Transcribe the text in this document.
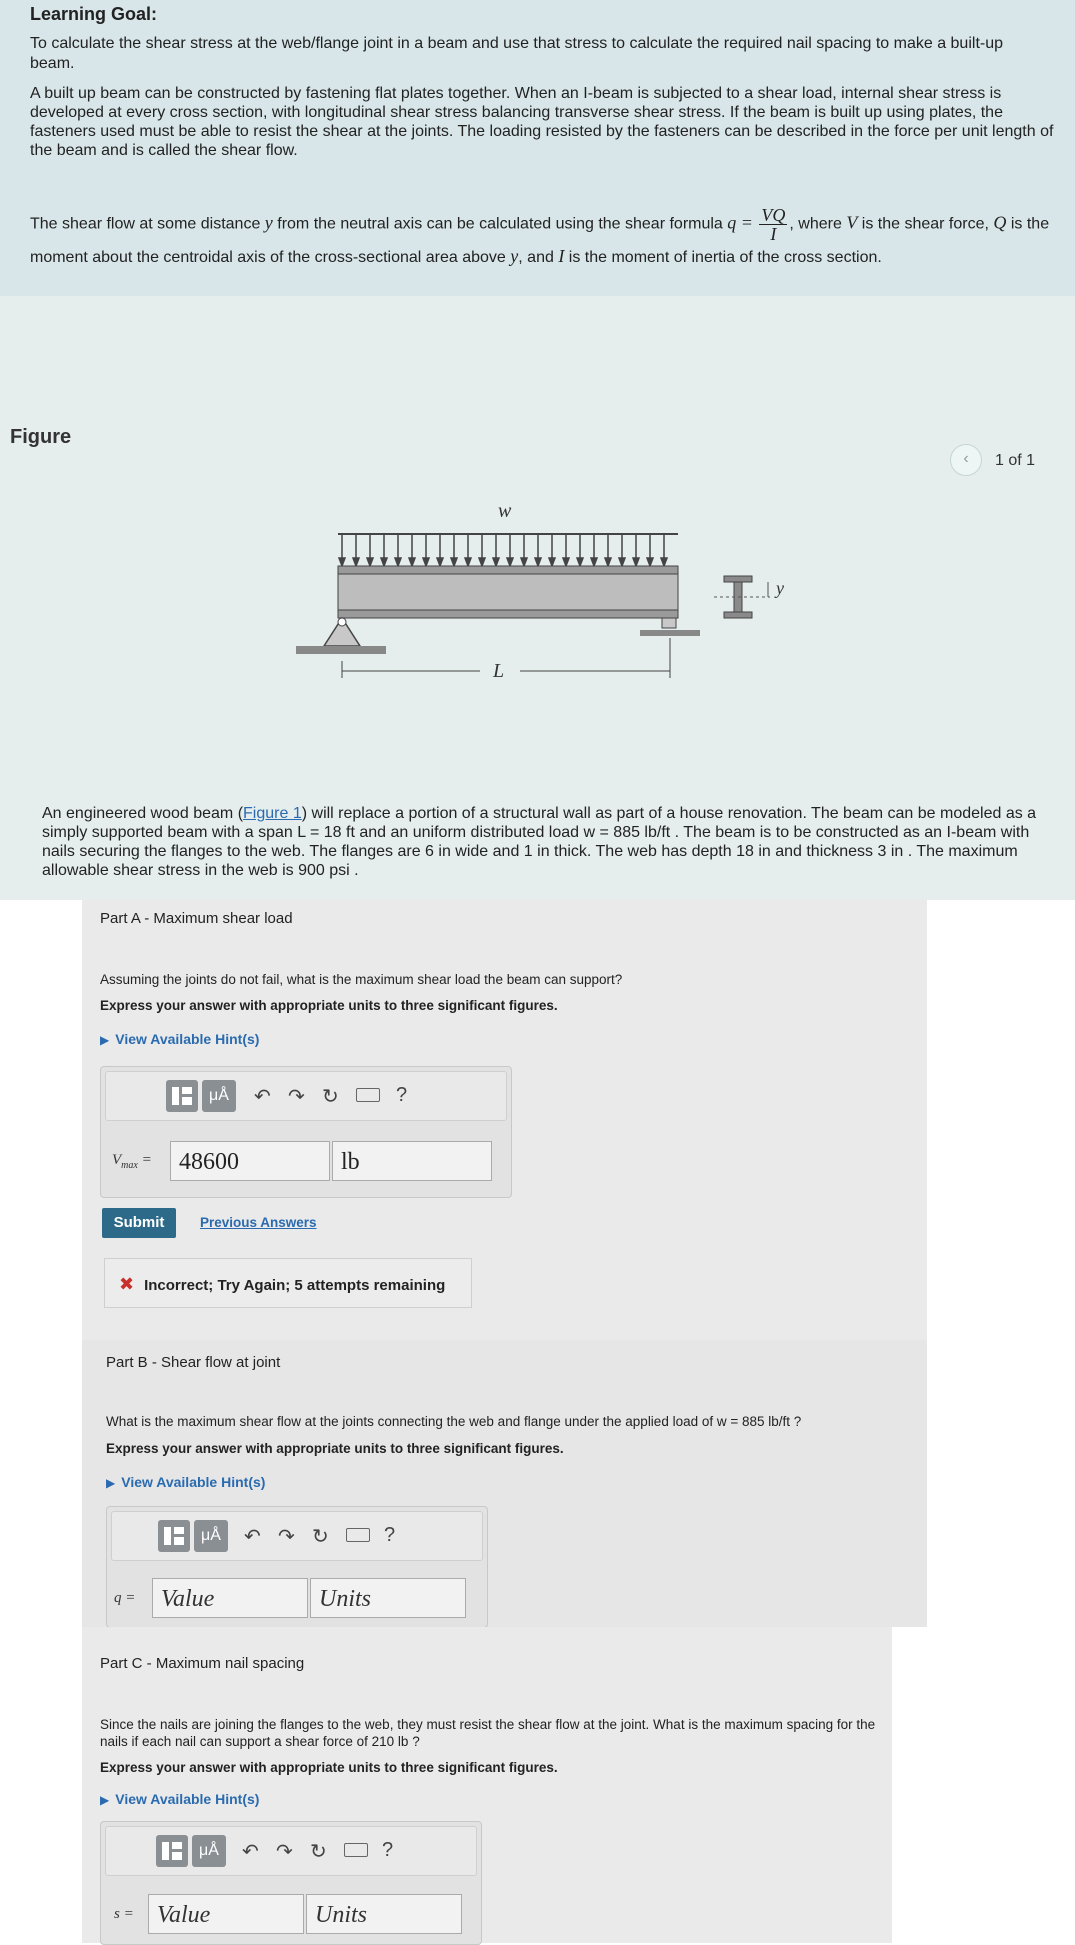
Learning Goal:
To calculate the shear stress at the web/flange joint in a beam and use that stress to calculate the required nail spacing to make a built-up beam.
A built up beam can be constructed by fastening flat plates together. When an I-beam is subjected to a shear load, internal shear stress is developed at every cross section, with longitudinal shear stress balancing transverse shear stress. If the beam is built up using plates, the fasteners used must be able to resist the shear at the joints. The loading resisted by the fasteners can be described in the force per unit length of the beam and is called the shear flow.
The shear flow at some distance y from the neutral axis can be calculated using the shear formula $q = \frac{VQ}{I}$ , where V is the shear force, Q is the moment about the centroidal axis of the cross-sectional area above y, and I is the moment of inertia of the cross section.
Figure
‹	1 of 1
w
L
y
An engineered wood beam (Figure 1) will replace a portion of a structural wall as part of a house renovation. The beam can be modeled as a simply supported beam with a span L = 18 ft and an uniform distributed load w = 885 lb/ft . The beam is to be constructed as an I-beam with nails securing the flanges to the web. The flanges are 6 in wide and 1 in thick. The web has depth 18 in and thickness 3 in . The maximum allowable shear stress in the web is 900 psi .
Part A - Maximum shear load
Assuming the joints do not fail, what is the maximum shear load the beam can support?
Express your answer with appropriate units to three significant figures.
▶ View Available Hint(s)
μÅ	↶ ↷ ↻	?
$V_{max}$ =	48600	lb
Submit	Previous Answers
✖ Incorrect; Try Again; 5 attempts remaining
Part B - Shear flow at joint
What is the maximum shear flow at the joints connecting the web and flange under the applied load of w = 885 lb/ft ?
Express your answer with appropriate units to three significant figures.
▶ View Available Hint(s)
μÅ	↶ ↷ ↻	?
q =	Value	Units
Part C - Maximum nail spacing
Since the nails are joining the flanges to the web, they must resist the shear flow at the joint. What is the maximum spacing for the nails if each nail can support a shear force of 210 lb ?
Express your answer with appropriate units to three significant figures.
▶ View Available Hint(s)
μÅ	↶ ↷ ↻	?
s = Value	Units
